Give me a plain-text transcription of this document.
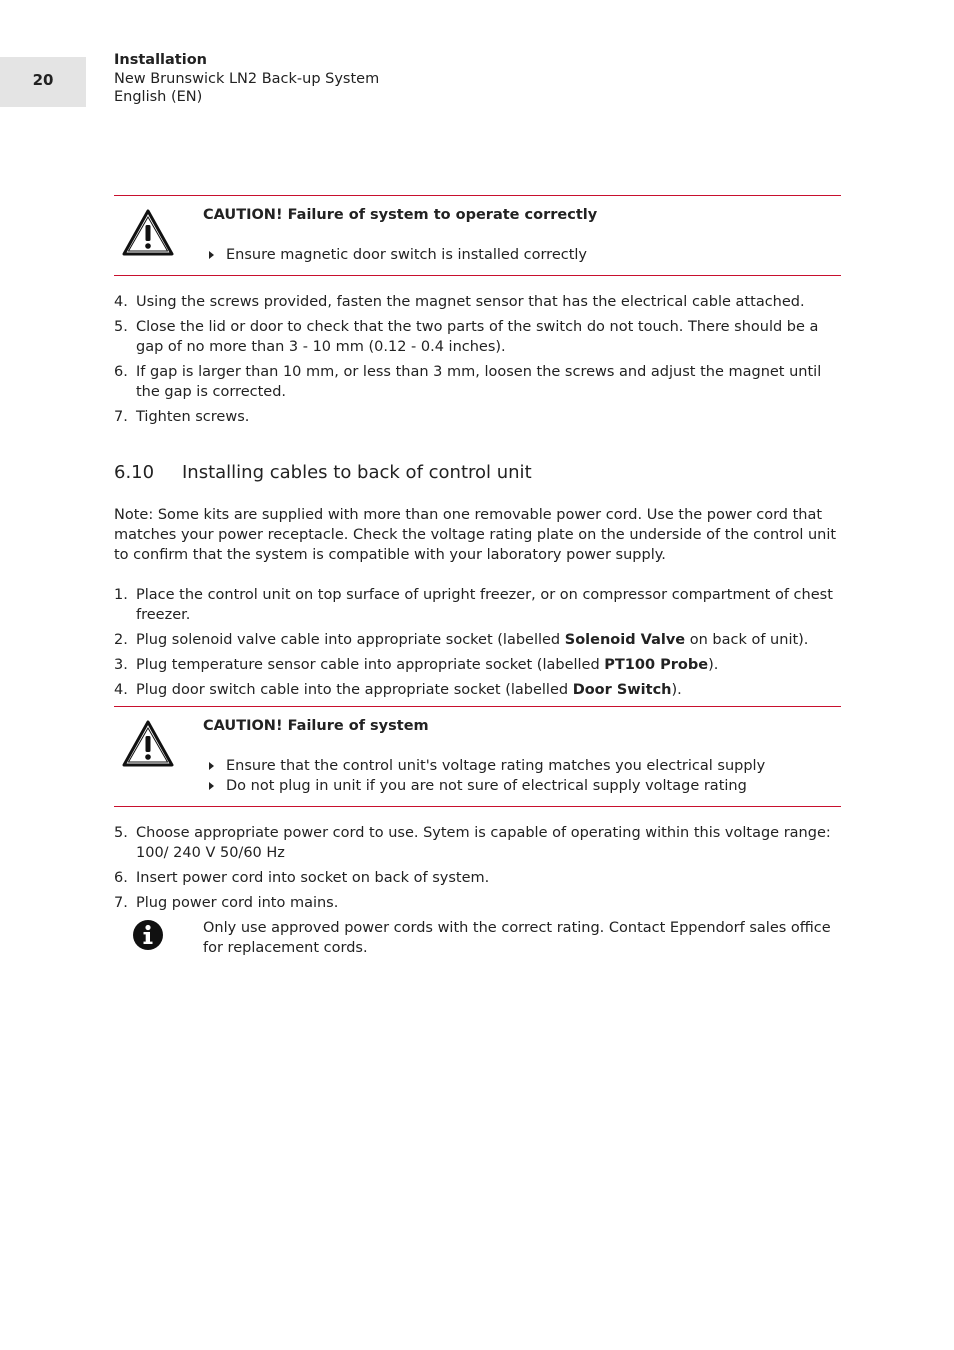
20
Installation
New Brunswick LN2 Back-up System
English (EN)
CAUTION! Failure of system to operate correctly
Ensure magnetic door switch is installed correctly
4. Using the screws provided, fasten the magnet sensor that has the electrical cable attached.
5. Close the lid or door to check that the two parts of the switch do not touch. There should be a gap of no more than 3 - 10 mm (0.12 - 0.4 inches).
6. If gap is larger than 10 mm, or less than 3 mm, loosen the screws and adjust the magnet until the gap is corrected.
7. Tighten screws.
6.10 Installing cables to back of control unit

Note: Some kits are supplied with more than one removable power cord. Use the power cord that matches your power receptacle. Check the voltage rating plate on the underside of the control unit to confirm that the system is compatible with your laboratory power supply.

1. Place the control unit on top surface of upright freezer, or on compressor compartment of chest freezer.
2. Plug solenoid valve cable into appropriate socket (labelled Solenoid Valve on back of unit).
3. Plug temperature sensor cable into appropriate socket (labelled PT100 Probe).
4. Plug door switch cable into the appropriate socket (labelled Door Switch).
CAUTION! Failure of system
Ensure that the control unit's voltage rating matches you electrical supply
Do not plug in unit if you are not sure of electrical supply voltage rating
5. Choose appropriate power cord to use. Sytem is capable of operating within this voltage range: 100/ 240 V 50/60 Hz
6. Insert power cord into socket on back of system.
7. Plug power cord into mains.
Only use approved power cords with the correct rating. Contact Eppendorf sales office for replacement cords.
